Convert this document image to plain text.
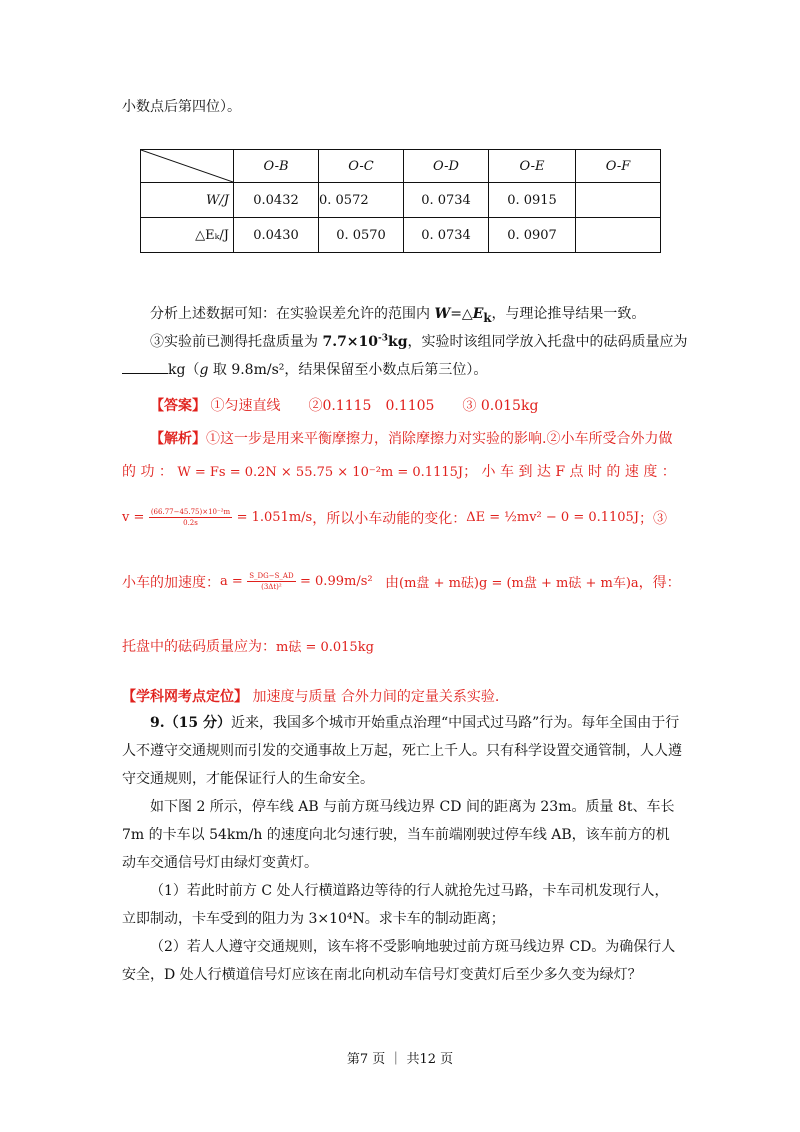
小数点后第四位）。
	O-B	O-C	O-D	O-E	O-F
W/J	0.0432	0. 0572	0. 0734	0. 0915	
△Eₖ/J	0.0430	0. 0570	0. 0734	0. 0907	
分析上述数据可知：在实验误差允许的范围内 $W=\triangle E_k$，与理论推导结果一致。
③实验前已测得托盘质量为 $7.7\times 10^{-3}kg$，实验时该组同学放入托盘中的砝码质量应为
kg（g 取 9.8m/s²，结果保留至小数点后第三位）。
【答案】 ①匀速直线　　②0.1115　0.1105　　③ 0.015kg
【解析】①这一步是用来平衡摩擦力，消除摩擦力对实验的影响.②小车所受合外力做
的 功 ： W = Fs = 0.2N × 55.75 × 10⁻²m = 0.1115J； 小 车 到 达 F 点 时 的 速 度 ：
$v = \frac{\text{(66.77−45.75)×10⁻²m}}{0.2s} = 1.051m/s$，所以小车动能的变化：ΔE = ½mv² − 0 = 0.1105J；③
小车的加速度：$a = \frac{S\_DG-S\_AD}{\text{(3Δt)²}} = 0.99m/s^2$ 由(m盘 + m砝)g = (m盘 + m砝 + m车)a，得：
托盘中的砝码质量应为：m砝 = 0.015kg
【学科网考点定位】 加速度与质量 合外力间的定量关系实验.
9.（15 分）近来，我国多个城市开始重点治理“中国式过马路”行为。每年全国由于行人不遵守交通规则而引发的交通事故上万起，死亡上千人。只有科学设置交通管制，人人遵守交通规则，才能保证行人的生命安全。
如下图 2 所示，停车线 AB 与前方斑马线边界 CD 间的距离为 23m。质量 8t、车长 7m 的卡车以 54km/h 的速度向北匀速行驶，当车前端刚驶过停车线 AB，该车前方的机动车交通信号灯由绿灯变黄灯。
（1）若此时前方 C 处人行横道路边等待的行人就抢先过马路，卡车司机发现行人，立即制动，卡车受到的阻力为 3×10⁴N。求卡车的制动距离；
（2）若人人遵守交通规则，该车将不受影响地驶过前方斑马线边界 CD。为确保行人安全，D 处人行横道信号灯应该在南北向机动车信号灯变黄灯后至少多久变为绿灯？
第7 页 ｜ 共12 页
